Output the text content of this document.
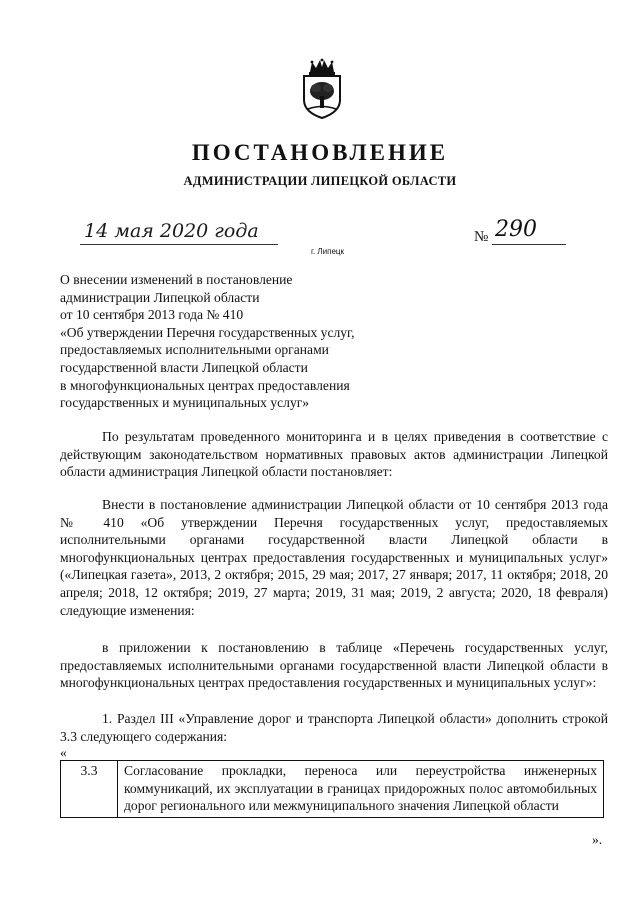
ПОСТАНОВЛЕНИЕ
АДМИНИСТРАЦИИ ЛИПЕЦКОЙ ОБЛАСТИ
14 мая 2020 года
г. Липецк
№ 290
О внесении изменений в постановление
администрации Липецкой области
от 10 сентября 2013 года № 410
«Об утверждении Перечня государственных услуг,
предоставляемых исполнительными органами
государственной власти Липецкой области
в многофункциональных центрах предоставления
государственных и муниципальных услуг»
По результатам проведенного мониторинга и в целях приведения в соответствие с действующим законодательством нормативных правовых актов администрации Липецкой области администрация Липецкой области постановляет:
Внести в постановление администрации Липецкой области от 10 сентября 2013 года № 410 «Об утверждении Перечня государственных услуг, предоставляемых исполнительными органами государственной власти Липецкой области в многофункциональных центрах предоставления государственных и муниципальных услуг» («Липецкая газета», 2013, 2 октября; 2015, 29 мая; 2017, 27 января; 2017, 11 октября; 2018, 20 апреля; 2018, 12 октября; 2019, 27 марта; 2019, 31 мая; 2019, 2 августа; 2020, 18 февраля) следующие изменения:
в приложении к постановлению в таблице «Перечень государственных услуг, предоставляемых исполнительными органами государственной власти Липецкой области в многофункциональных центрах предоставления государственных и муниципальных услуг»:
1. Раздел III «Управление дорог и транспорта Липецкой области» дополнить строкой 3.3 следующего содержания:
«
3.3	Согласование прокладки, переноса или переустройства инженерных коммуникаций, их эксплуатации в границах придорожных полос автомобильных дорог регионального или межмуниципального значения Липецкой области
».
